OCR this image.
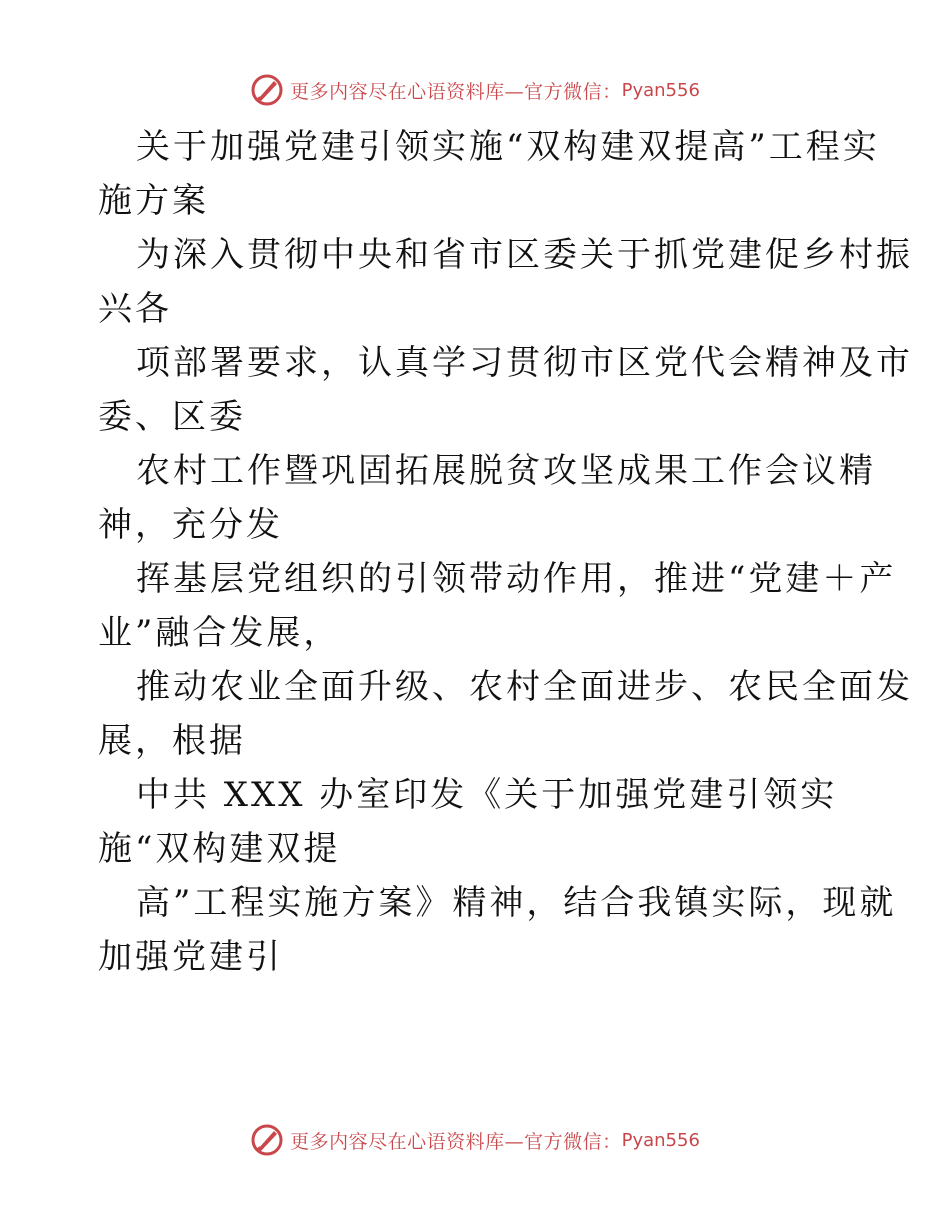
更多内容尽在心语资料库—官方微信： Pyan556
关于加强党建引领实施“双构建双提高”工程实
施方案
为深入贯彻中央和省市区委关于抓党建促乡村振
兴各
项部署要求，认真学习贯彻市区党代会精神及市
委、区委
农村工作暨巩固拓展脱贫攻坚成果工作会议精
神，充分发
挥基层党组织的引领带动作用，推进“党建＋产
业”融合发展，
推动农业全面升级、农村全面进步、农民全面发
展，根据
中共 XXX 办室印发《关于加强党建引领实
施“双构建双提
高”工程实施方案》精神，结合我镇实际，现就
加强党建引
更多内容尽在心语资料库—官方微信： Pyan556
